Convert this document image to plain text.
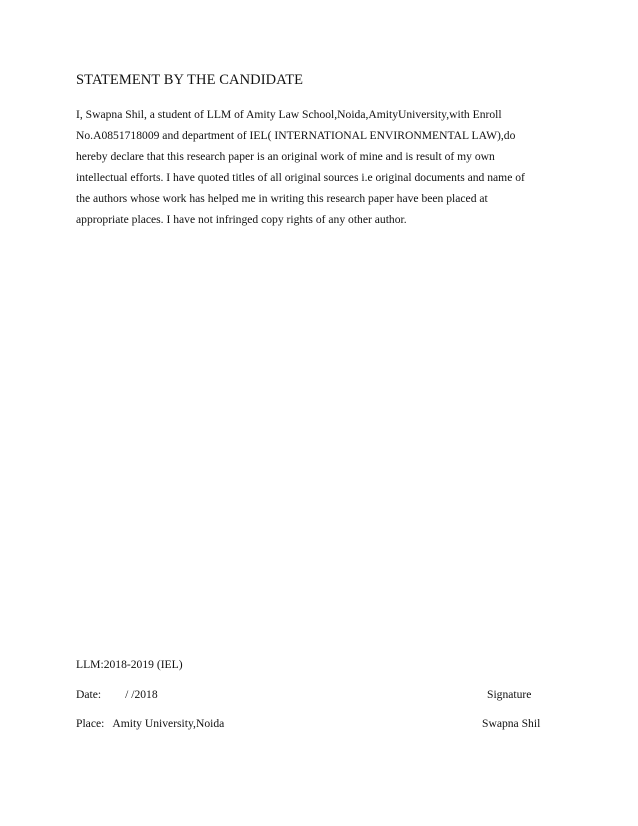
STATEMENT BY THE CANDIDATE
I, Swapna Shil, a student of LLM of Amity Law School,Noida,AmityUniversity,with Enroll
No.A0851718009 and department of IEL( INTERNATIONAL ENVIRONMENTAL LAW),do
hereby declare that this research paper is an original work of mine and is result of my own
intellectual efforts. I have quoted titles of all original sources i.e original documents and name of
the authors whose work has helped me in writing this research paper have been placed at
appropriate places. I have not infringed copy rights of any other author.
LLM:2018-2019 (IEL)
Date: / /2018
Place: Amity University,Noida
Signature
Swapna Shil
